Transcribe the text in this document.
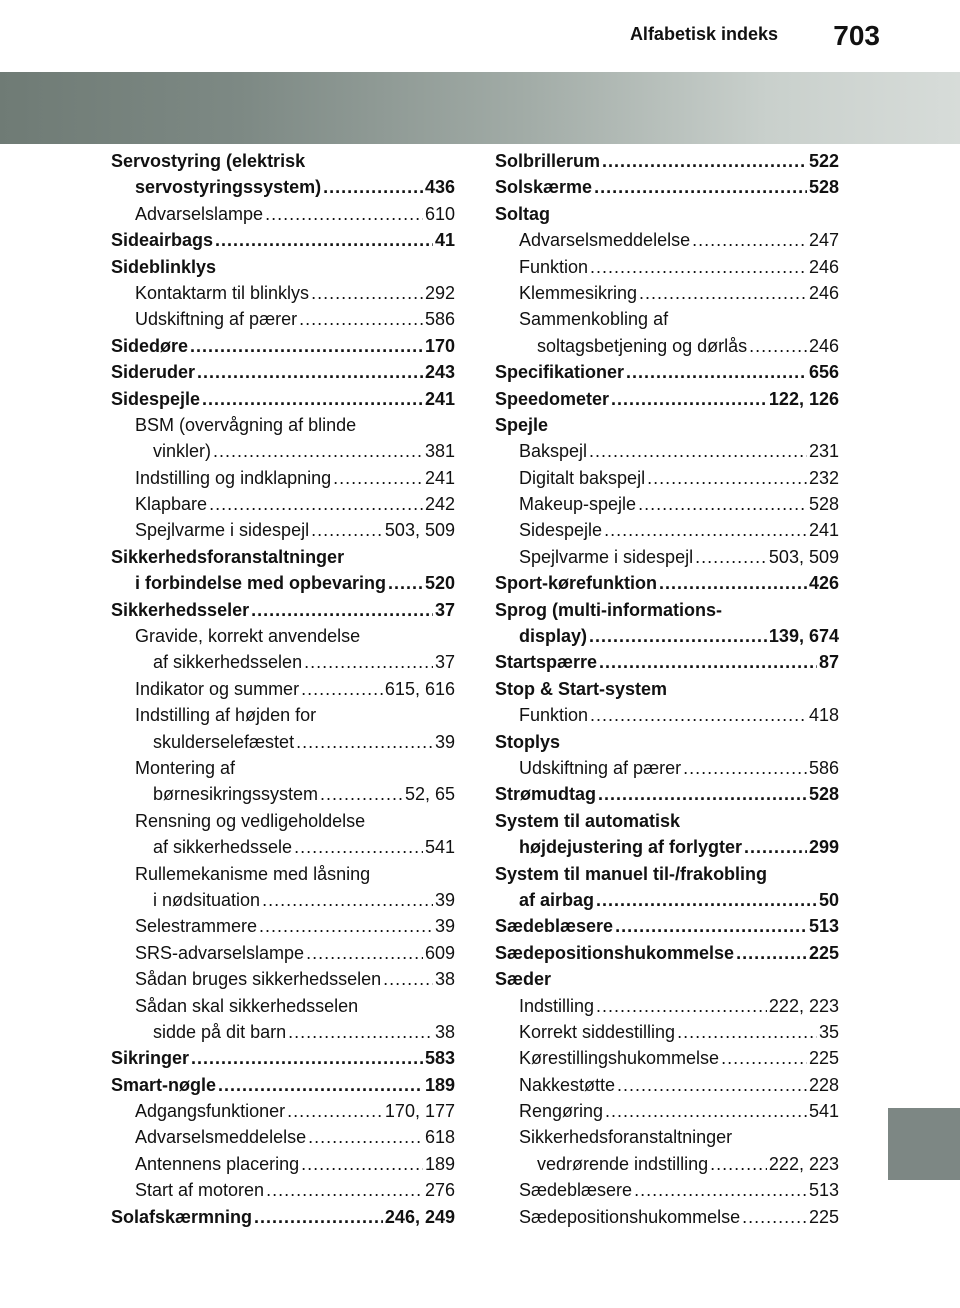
Alfabetisk indeks 703
Servostyring (elektrisk
servostyringssystem) .....	436
Advarselslampe .....	610
Sideairbags .....	41
Sideblinklys
Kontaktarm til blinklys .....	292
Udskiftning af pærer .....	586
Sidedøre .....	170
Sideruder .....	243
Sidespejle .....	241
BSM (overvågning af blinde
vinkler) .....	381
Indstilling og indklapning .....	241
Klapbare .....	242
Spejlvarme i sidespejl .....	503, 509
Sikkerhedsforanstaltninger
i forbindelse med opbevaring ..... 520
Sikkerhedsseler .....	37
Gravide, korrekt anvendelse
af sikkerhedsselen .....	37
Indikator og summer .....	615, 616
Indstilling af højden for
skulderselefæstet .....	39
Montering af
børnesikringssystem .....	52, 65
Rensning og vedligeholdelse
af sikkerhedssele .....	541
Rullemekanisme med låsning
i nødsituation .....	39
Selestrammere .....	39
SRS-advarselslampe .....	609
Sådan bruges sikkerhedsselen .....	38
Sådan skal sikkerhedsselen
sidde på dit barn .....	38
Sikringer .....	583
Smart-nøgle .....	189
Adgangsfunktioner .....	170, 177
Advarselsmeddelelse .....	618
Antennens placering .....	189
Start af motoren .....	276
Solafskærmning .....	246, 249
Solbrillerum .....	522
Solskærme .....	528
Soltag
Advarselsmeddelelse .....	247
Funktion .....	246
Klemmesikring .....	246
Sammenkobling af
soltagsbetjening og dørlås .....	246
Specifikationer .....	656
Speedometer .....	122, 126
Spejle
Bakspejl .....	231
Digitalt bakspejl .....	232
Makeup-spejle .....	528
Sidespejle .....	241
Spejlvarme i sidespejl .....	503, 509
Sport-kørefunktion .....	426
Sprog (multi-informations-
display) .....	139, 674
Startspærre .....	87
Stop & Start-system
Funktion .....	418
Stoplys
Udskiftning af pærer .....	586
Strømudtag .....	528
System til automatisk
højdejustering af forlygter .....	299
System til manuel til-/frakobling
af airbag .....	50
Sædeblæsere .....	513
Sædepositionshukommelse .....	225
Sæder
Indstilling .....	222, 223
Korrekt siddestilling .....	35
Kørestillingshukommelse .....	225
Nakkestøtte .....	228
Rengøring .....	541
Sikkerhedsforanstaltninger
vedrørende indstilling .....	222, 223
Sædeblæsere .....	513
Sædepositionshukommelse .....	225
